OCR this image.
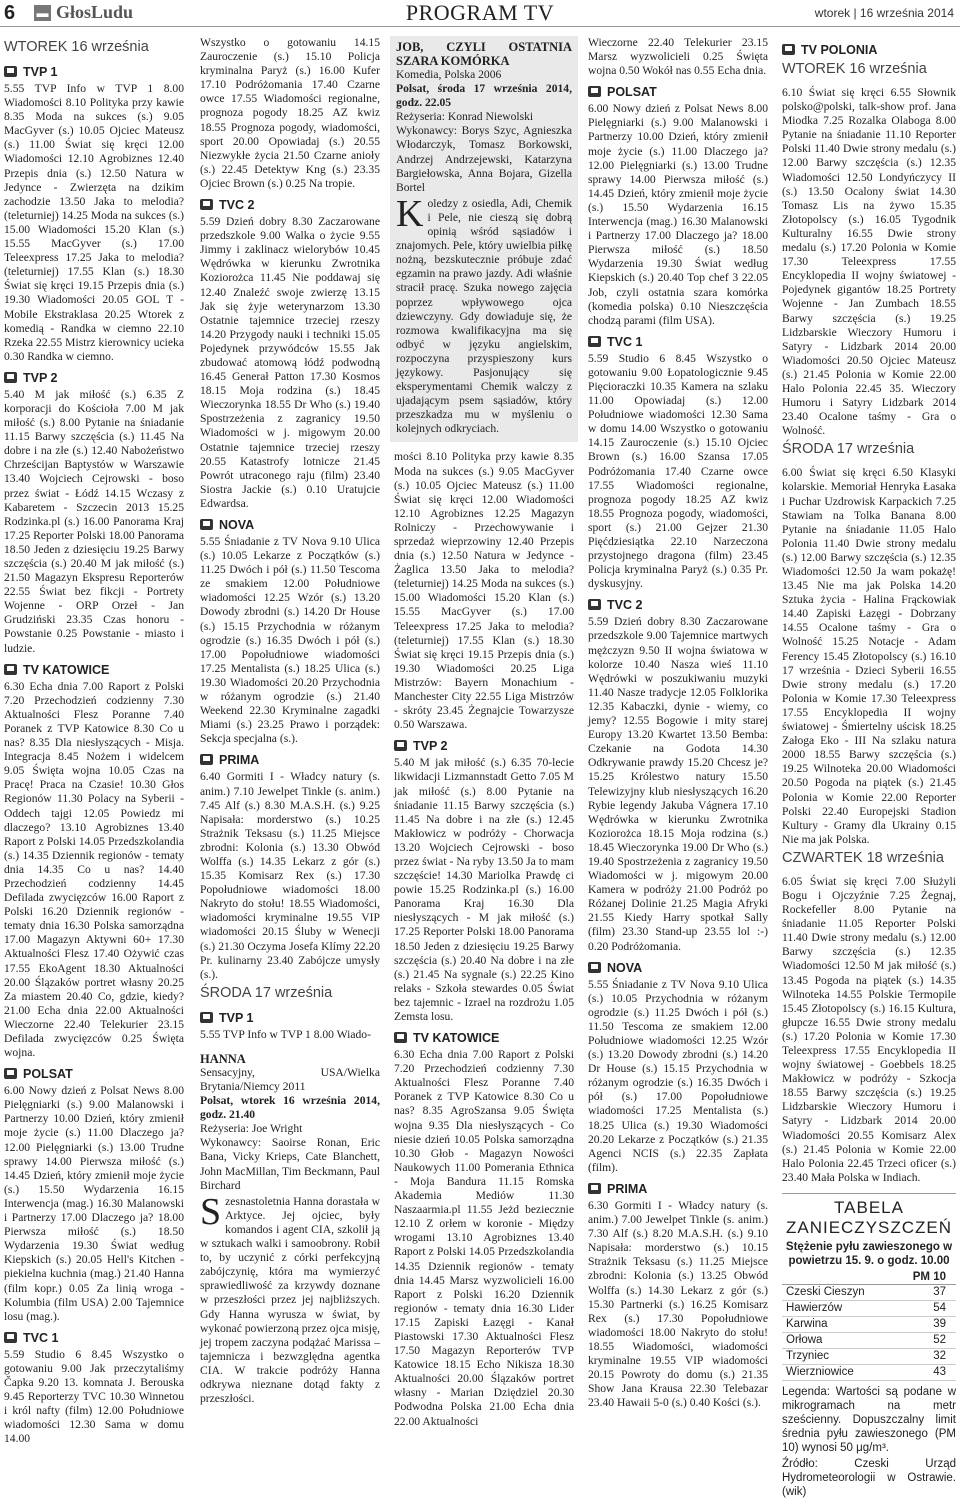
6 ▬ GłosLudu	PROGRAM TV	wtorek | 16 września 2014
WTOREK 16 września
TVP 1

5.55 TVP Info w TVP 1 8.00 Wiadomości 8.10 Polityka przy kawie 8.35 Moda na sukces (s.) 9.05 MacGyver (s.) 10.05 Ojciec Mateusz (s.) 11.00 Świat się kręci 12.00 Wiadomości 12.10 Agrobiznes 12.40 Przepis dnia (s.) 12.50 Natura w Jedynce - Zwierzęta na dzikim zachodzie 13.50 Jaka to melodia? (teleturniej) 14.25 Moda na sukces (s.) 15.00 Wiadomości 15.20 Klan (s.) 15.55 MacGyver (s.) 17.00 Teleexpress 17.25 Jaka to melodia? (teleturniej) 17.55 Klan (s.) 18.30 Świat się kręci 19.15 Przepis dnia (s.) 19.30 Wiadomości 20.05 GOL T - Mobile Ekstraklasa 20.25 Wtorek z komedią - Randka w ciemno 22.10 Rzeka 22.55 Mistrz kierownicy ucieka 0.30 Randka w ciemno.

TVP 2

5.40 M jak miłość (s.) 6.35 Z korporacji do Kościoła 7.00 M jak miłość (s.) 8.00 Pytanie na śniadanie 11.15 Barwy szczęścia (s.) 11.45 Na dobre i na złe (s.) 12.40 Nabożeństwo Chrześcijan Baptystów w Warszawie 13.40 Wojciech Cejrowski - boso przez świat - Łódź 14.15 Wczasy z Kabaretem - Szczecin 2013 15.25 Rodzinka.pl (s.) 16.00 Panorama Kraj 17.25 Reporter Polski 18.00 Panorama 18.50 Jeden z dziesięciu 19.25 Barwy szczęścia (s.) 20.40 M jak miłość (s.) 21.50 Magazyn Ekspresu Reporterów 22.55 Świat bez fikcji - Portrety Wojenne - ORP Orzeł - Jan Grudziński 23.35 Czas honoru - Powstanie 0.25 Powstanie - miasto i ludzie.

TV KATOWICE

6.30 Echa dnia 7.00 Raport z Polski 7.20 Przechodzień codzienny 7.30 Aktualności Flesz Poranne 7.40 Poranek z TVP Katowice 8.30 Co u nas? 8.35 Dla niesłyszących - Misja. Integracja 8.45 Nożem i widelcem 9.05 Święta wojna 10.05 Czas na Pracę! Praca na Czasie! 10.30 Głos Regionów 11.30 Polacy na Syberii - Oddech tajgi 12.05 Powiedz mi dlaczego? 13.10 Agrobiznes 13.40 Raport z Polski 14.05 Przedszkolandia (s.) 14.35 Dziennik regionów - tematy dnia 14.35 Co u nas? 14.40 Przechodzień codzienny 14.45 Defilada zwycięzców 16.00 Raport z Polski 16.20 Dziennik regionów - tematy dnia 16.30 Polska samorządna 17.00 Magazyn Aktywni 60+ 17.30 Aktualności Flesz 17.40 Ożywić czas 17.55 EkoAgent 18.30 Aktualności 20.00 Ślązaków portret własny 20.25 Za miastem 20.40 Co, gdzie, kiedy? 21.00 Echa dnia 22.00 Aktualności Wieczorne 22.40 Telekurier 23.15 Defilada zwycięzców 0.25 Święta wojna.

POLSAT

6.00 Nowy dzień z Polsat News 8.00 Pielęgniarki (s.) 9.00 Malanowski i Partnerzy 10.00 Dzień, który zmienił moje życie (s.) 11.00 Dlaczego ja? 12.00 Pielęgniarki (s.) 13.00 Trudne sprawy 14.00 Pierwsza miłość (s.) 14.45 Dzień, który zmienił moje życie (s.) 15.50 Wydarzenia 16.15 Interwencja (mag.) 16.30 Malanowski i Partnerzy 17.00 Dlaczego ja? 18.00 Pierwsza miłość (s.) 18.50 Wydarzenia 19.30 Świat według Kiepskich (s.) 20.05 Hell's Kitchen - piekielna kuchnia (mag.) 21.40 Hanna (film kopr.) 0.05 Za linią wroga - Kolumbia (film USA) 2.00 Tajemnice losu (mag.).

TVC 1

5.59 Studio 6 8.45 Wszystko o gotowaniu 9.00 Jak przeczytaliśmy Čapka 9.20 13. komnata J. Berouska 9.45 Reporterzy TVC 10.30 Winnetou i król nafty (film) 12.00 Południowe wiadomości 12.30 Sama w domu 14.00

Wszystko o gotowaniu 14.15 Zauroczenie (s.) 15.10 Policja kryminalna Paryż (s.) 16.00 Kufer 17.10 Podróżomania 17.40 Czarne owce 17.55 Wiadomości regionalne, prognoza pogody 18.25 AZ kwiz 18.55 Prognoza pogody, wiadomości, sport 20.00 Opowiadaj (s.) 20.55 Niezwykłe życia 21.50 Czarne anioły (s.) 22.45 Detektyw Kng (s.) 23.35 Ojciec Brown (s.) 0.25 Na tropie.

TVC 2

5.59 Dzień dobry 8.30 Zaczarowane przedszkole 9.00 Walka o życie 9.55 Jimmy i zaklinacz wielorybów 10.45 Wędrówka w kierunku Zwrotnika Koziorożca 11.45 Nie poddawaj się 12.40 Znaleźć swoje zwierzę 13.15 Jak się żyje weterynarzom 13.30 Ostatnie tajemnice trzeciej rzeszy 14.20 Przygody nauki i techniki 15.05 Pojedynek przywódców 15.55 Jak zbudować atomową łódź podwodną 16.45 Generał Patton 17.30 Kosmos 18.15 Moja rodzina (s.) 18.45 Wieczorynka 18.55 Dr Who (s.) 19.40 Spostrzeżenia z zagranicy 19.50 Wiadomości w j. migowym 20.00 Ostatnie tajemnice trzeciej rzeszy 20.55 Katastrofy lotnicze 21.45 Powrót utraconego raju (film) 23.40 Siostra Jackie (s.) 0.10 Uratujcie Edwardsa.

NOVA

5.55 Śniadanie z TV Nova 9.10 Ulica (s.) 10.05 Lekarze z Początków (s.) 11.25 Dwóch i pół (s.) 11.50 Tescoma ze smakiem 12.00 Południowe wiadomości 12.25 Wzór (s.) 13.20 Dowody zbrodni (s.) 14.20 Dr House (s.) 15.15 Przychodnia w różanym ogrodzie (s.) 16.35 Dwóch i pół (s.) 17.00 Popołudniowe wiadomości 17.25 Mentalista (s.) 18.25 Ulica (s.) 19.30 Wiadomości 20.20 Przychodnia w różanym ogrodzie (s.) 21.40 Weekend 22.30 Kryminalne zagadki Miami (s.) 23.25 Prawo i porządek: Sekcja specjalna (s.).

PRIMA

6.40 Gormiti I - Władcy natury (s. anim.) 7.10 Jewelpet Tinkle (s. anim.) 7.45 Alf (s.) 8.30 M.A.S.H. (s.) 9.25 Napisała: morderstwo (s.) 10.25 Strażnik Teksasu (s.) 11.25 Miejsce zbrodni: Kolonia (s.) 13.30 Obwód Wolffa (s.) 14.35 Lekarz z gór (s.) 15.35 Komisarz Rex (s.) 17.30 Popołudniowe wiadomości 18.00 Nakryto do stołu! 18.55 Wiadomości, wiadomości kryminalne 19.55 VIP wiadomości 20.15 Śluby w Wenecji (s.) 21.30 Oczyma Josefa Klímy 22.20 Pr. kulinarny 23.40 Zabójcze umysły (s.).

ŚRODA 17 września
TVP 1

5.55 TVP Info w TVP 1 8.00 Wiado-

HANNA
Sensacyjny, USA/Wielka Brytania/Niemcy 2011
Polsat, wtorek 16 września 2014, godz. 21.40
Reżyseria: Joe Wright
Wykonawcy: Saoirse Ronan, Eric Bana, Vicky Krieps, Cate Blanchett, John MacMillan, Tim Beckmann, Paul Birchard
Szesnastoletnia Hanna dorastała w Arktyce. Jej ojciec, były komandos i agent CIA, szkolił ją w sztukach walki i samoobrony. Robił to, by uczynić z córki perfekcyjną zabójczynię, która ma wymierzyć sprawiedliwość za krzywdy doznane w przeszłości przez jej najbliższych. Gdy Hanna wyrusza w świat, by wykonać powierzoną przez ojca misję, jej tropem zaczyna podążać Marissa – tajemnicza i bezwzględna agentka CIA. W trakcie podróży Hanna odkrywa nieznane dotąd fakty z przeszłości.
JOB, CZYLI OSTATNIA SZARA KOMÓRKA
Komedia, Polska 2006
Polsat, środa 17 września 2014, godz. 22.05
Reżyseria: Konrad Niewolski
Wykonawcy: Borys Szyc, Agnieszka Włodarczyk, Tomasz Borkowski, Andrzej Andrzejewski, Katarzyna Bargiełowska, Anna Bojara, Gizella Bortel
Koledzy z osiedla, Adi, Chemik i Pele, nie cieszą się dobrą opinią wśród sąsiadów i znajomych. Pele, który uwielbia piłkę nożną, bezskutecznie próbuje zdać egzamin na prawo jazdy. Adi właśnie stracił pracę. Szuka nowego zajęcia poprzez wpływowego ojca dziewczyny. Gdy dowiaduje się, że rozmowa kwalifikacyjna ma się odbyć w języku angielskim, rozpoczyna przyspieszony kurs językowy. Pasjonujący się eksperymentami Chemik walczy z ujadającym psem sąsiadów, który przeszkadza mu w myśleniu o kolejnych odkryciach.

mości 8.10 Polityka przy kawie 8.35 Moda na sukces (s.) 9.05 MacGyver (s.) 10.05 Ojciec Mateusz (s.) 11.00 Świat się kręci 12.00 Wiadomości 12.10 Agrobiznes 12.25 Magazyn Rolniczy - Przechowywanie i sprzedaż wieprzowiny 12.40 Przepis dnia (s.) 12.50 Natura w Jedynce - Żaglica 13.50 Jaka to melodia? (teleturniej) 14.25 Moda na sukces (s.) 15.00 Wiadomości 15.20 Klan (s.) 15.55 MacGyver (s.) 17.00 Teleexpress 17.25 Jaka to melodia? (teleturniej) 17.55 Klan (s.) 18.30 Świat się kręci 19.15 Przepis dnia (s.) 19.30 Wiadomości 20.25 Liga Mistrzów: Bayern Monachium - Manchester City 22.55 Liga Mistrzów - skróty 23.45 Żegnajcie Towarzysze 0.50 Warszawa.

TVP 2

5.40 M jak miłość (s.) 6.35 70-lecie likwidacji Lizmannstadt Getto 7.05 M jak miłość (s.) 8.00 Pytanie na śniadanie 11.15 Barwy szczęścia (s.) 11.45 Na dobre i na złe (s.) 12.45 Makłowicz w podróży - Chorwacja 13.20 Wojciech Cejrowski - boso przez świat - Na ryby 13.50 Ja to mam szczęście! 14.30 Mariolka Prawdę ci powie 15.25 Rodzinka.pl (s.) 16.00 Panorama Kraj 16.30 Dla niesłyszących - M jak miłość (s.) 17.25 Reporter Polski 18.00 Panorama 18.50 Jeden z dziesięciu 19.25 Barwy szczęścia (s.) 20.40 Na dobre i na złe (s.) 21.45 Na sygnale (s.) 22.25 Kino relaks - Szkoła stewardes 0.05 Świat bez tajemnic - Izrael na rozdrożu 1.05 Zemsta losu.

TV KATOWICE

6.30 Echa dnia 7.00 Raport z Polski 7.20 Przechodzień codzienny 7.30 Aktualności Flesz Poranne 7.40 Poranek z TVP Katowice 8.30 Co u nas? 8.35 AgroSzansa 9.05 Święta wojna 9.35 Dla niesłyszących - Co niesie dzień 10.05 Polska samorządna 10.30 Głob - Magazyn Nowości Naukowych 11.00 Pomerania Ethnica - Moja Bandura 11.15 Romska Akademia Mediów 11.30 Naszaarmia.pl 11.55 Jeżd beziecznie 12.10 Z orłem w koronie - Między wrogami 13.10 Agrobiznes 13.40 Raport z Polski 14.05 Przedszkolandia 14.35 Dziennik regionów - tematy dnia 14.45 Marsz wyzwolicieli 16.00 Raport z Polski 16.20 Dziennik regionów - tematy dnia 16.30 Lider 17.15 Zapiski Łazęgi - Kanał Piastowski 17.30 Aktualności Flesz 17.50 Magazyn Reporterów TVP Katowice 18.15 Echo Nikisza 18.30 Aktualności 20.00 Ślązaków portret własny - Marian Dziędziel 20.30 Podwodna Polska 21.00 Echa dnia 22.00 Aktualności

Wieczorne 22.40 Telekurier 23.15 Marsz wyzwolicieli 0.25 Święta wojna 0.50 Wokół nas 0.55 Echa dnia.

POLSAT

6.00 Nowy dzień z Polsat News 8.00 Pielęgniarki (s.) 9.00 Malanowski i Partnerzy 10.00 Dzień, który zmienił moje życie (s.) 11.00 Dlaczego ja? 12.00 Pielęgniarki (s.) 13.00 Trudne sprawy 14.00 Pierwsza miłość (s.) 14.45 Dzień, który zmienił moje życie (s.) 15.50 Wydarzenia 16.15 Interwencja (mag.) 16.30 Malanowski i Partnerzy 17.00 Dlaczego ja? 18.00 Pierwsza miłość (s.) 18.50 Wydarzenia 19.30 Świat według Kiepskich (s.) 20.40 Top chef 3 22.05 Job, czyli ostatnia szara komórka (komedia polska) 0.10 Nieszczęścia chodzą parami (film USA).

TVC 1

5.59 Studio 6 8.45 Wszystko o gotowaniu 9.00 Łopatologicznie 9.45 Pięcioraczki 10.35 Kamera na szlaku 11.00 Opowiadaj (s.) 12.00 Południowe wiadomości 12.30 Sama w domu 14.00 Wszystko o gotowaniu 14.15 Zauroczenie (s.) 15.10 Ojciec Brown (s.) 16.00 Szansa 17.05 Podróżomania 17.40 Czarne owce 17.55 Wiadomości regionalne, prognoza pogody 18.25 AZ kwiz 18.55 Prognoza pogody, wiadomości, sport (s.) 21.00 Gejzer 21.30 Pięćdziesiątka 22.10 Narzeczona przystojnego dragona (film) 23.45 Policja kryminalna Paryż (s.) 0.35 Pr. dyskusyjny.

TVC 2

5.59 Dzień dobry 8.30 Zaczarowane przedszkole 9.00 Tajemnice martwych mężczyzn 9.50 II wojna światowa w kolorze 10.40 Nasza wieś 11.10 Wędrówki w poszukiwaniu muzyki 11.40 Nasze tradycje 12.05 Folklorika 12.35 Kabaczki, dynie - wiemy, co jemy? 12.55 Bogowie i mity starej Europy 13.20 Kwartet 13.50 Bemba: Czekanie na Godota 14.30 Odkrywanie prawdy 15.20 Chcesz je? 15.25 Królestwo natury 15.50 Telewizyjny klub niesłyszących 16.20 Rybie legendy Jakuba Vágnera 17.10 Wędrówka w kierunku Zwrotnika Koziorożca 18.15 Moja rodzina (s.) 18.45 Wieczorynka 19.00 Dr Who (s.) 19.40 Spostrzeżenia z zagranicy 19.50 Wiadomości w j. migowym 20.00 Kamera w podróży 21.00 Podróż po Różanej Dolinie 21.25 Magia Afryki 21.55 Kiedy Harry spotkał Sally (film) 23.30 Stand-up 23.55 lol :-) 0.20 Podróżomania.

NOVA

5.55 Śniadanie z TV Nova 9.10 Ulica (s.) 10.05 Przychodnia w różanym ogrodzie (s.) 11.25 Dwóch i pół (s.) 11.50 Tescoma ze smakiem 12.00 Południowe wiadomości 12.25 Wzór (s.) 13.20 Dowody zbrodni (s.) 14.20 Dr House (s.) 15.15 Przychodnia w różanym ogrodzie (s.) 16.35 Dwóch i pół (s.) 17.00 Popołudniowe wiadomości 17.25 Mentalista (s.) 18.25 Ulica (s.) 19.30 Wiadomości 20.20 Lekarze z Początków (s.) 21.35 Agenci NCIS (s.) 22.35 Zapłata (film).

PRIMA

6.30 Gormiti I - Władcy natury (s. anim.) 7.00 Jewelpet Tinkle (s. anim.) 7.30 Alf (s.) 8.20 M.A.S.H. (s.) 9.10 Napisała: morderstwo (s.) 10.15 Strażnik Teksasu (s.) 11.25 Miejsce zbrodni: Kolonia (s.) 13.25 Obwód Wolffa (s.) 14.30 Lekarz z gór (s.) 15.30 Partnerki (s.) 16.25 Komisarz Rex (s.) 17.30 Popołudniowe wiadomości 18.00 Nakryto do stołu! 18.55 Wiadomości, wiadomości kryminalne 19.55 VIP wiadomości 20.15 Powroty do domu (s.) 21.35 Show Jana Krausa 22.30 Telebazar 23.40 Hawaii 5-0 (s.) 0.40 Kości (s.).

TV POLONIA
WTOREK 16 września

6.10 Świat się kręci 6.55 Słownik polsko@polski, talk-show prof. Jana Miodka 7.25 Rozalka Olaboga 8.00 Pytanie na śniadanie 11.10 Reporter Polski 11.40 Dwie strony medalu (s.) 12.00 Barwy szczęścia (s.) 12.35 Wiadomości 12.50 Londyńczycy II (s.) 13.50 Ocalony świat 14.30 Tomasz Lis na żywo 15.35 Złotopolscy (s.) 16.05 Tygodnik Kulturalny 16.55 Dwie strony medalu (s.) 17.20 Polonia w Komie 17.30 Teleexpress 17.55 Encyklopedia II wojny światowej - Pojedynek gigantów 18.25 Portrety Wojenne - Jan Zumbach 18.55 Barwy szczęścia (s.) 19.25 Lidzbarskie Wieczory Humoru i Satyry - Lidzbark 2014 20.00 Wiadomości 20.50 Ojciec Mateusz (s.) 21.45 Polonia w Komie 22.00 Halo Polonia 22.45 35. Wieczory Humoru i Satyry Lidzbark 2014 23.40 Ocalone taśmy - Gra o Wolność.

ŚRODA 17 września

6.00 Świat się kręci 6.50 Klasyki kolarskie. Memoriał Henryka Łasaka i Puchar Uzdrowisk Karpackich 7.25 Stawiam na Tolka Banana 8.00 Pytanie na śniadanie 11.05 Halo Polonia 11.40 Dwie strony medalu (s.) 12.00 Barwy szczęścia (s.) 12.35 Wiadomości 12.50 Ja wam pokażę! 13.45 Nie ma jak Polska 14.20 Sztuka życia - Halina Frąckowiak 14.40 Zapiski Łazęgi - Dobrzany 14.55 Ocalone taśmy - Gra o Wolność 15.25 Notacje - Adam Ferency 15.45 Złotopolscy (s.) 16.10 17 września - Dzieci Syberii 16.55 Dwie strony medalu (s.) 17.20 Polonia w Komie 17.30 Teleexpress 17.55 Encyklopedia II wojny światowej - Śmiertelny uścisk 18.25 Załoga Eko - III Na szlaku natura 2000 18.55 Barwy szczęścia (s.) 19.25 Wilnoteka 20.00 Wiadomości 20.50 Pogoda na piątek (s.) 21.45 Polonia w Komie 22.00 Reporter Polski 22.40 Europejski Stadion Kultury - Gramy dla Ukrainy 0.15 Nie ma jak Polska.

CZWARTEK 18 września

6.05 Świat się kręci 7.00 Służyli Bogu i Ojczyźnie 7.25 Żegnaj, Rockefeller 8.00 Pytanie na śniadanie 11.05 Reporter Polski 11.40 Dwie strony medalu (s.) 12.00 Barwy szczęścia (s.) 12.35 Wiadomości 12.50 M jak miłość (s.) 13.45 Pogoda na piątek (s.) 14.35 Wilnoteka 14.55 Polskie Termopile 15.45 Złotopolscy (s.) 16.15 Kultura, głupcze 16.55 Dwie strony medalu (s.) 17.20 Polonia w Komie 17.30 Teleexpress 17.55 Encyklopedia II wojny światowej - Goebbels 18.25 Makłowicz w podróży - Szkocja 18.55 Barwy szczęścia (s.) 19.25 Lidzbarskie Wieczory Humoru i Satyry - Lidzbark 2014 20.00 Wiadomości 20.55 Komisarz Alex (s.) 21.45 Polonia w Komie 22.00 Halo Polonia 22.45 Trzeci oficer (s.) 23.40 Mała Polska w Indiach.

TABELA ZANIECZYSZCZEŃ
Stężenie pyłu zawieszonego w powietrzu 15. 9. o godz. 10.00
PM 10
Czeski Cieszyn	37
Hawierzów	54
Karwina	39
Orłowa	52
Trzyniec	32
Wierzniowice	43
Legenda: Wartości są podane w mikrogramach na metr sześcienny. Dopuszczalny limit średnia pyłu zawieszonego (PM 10) wynosi 50 μg/m³.
Źródło: Czeski Urząd Hydrometeorologii w Ostrawie. (wik)
